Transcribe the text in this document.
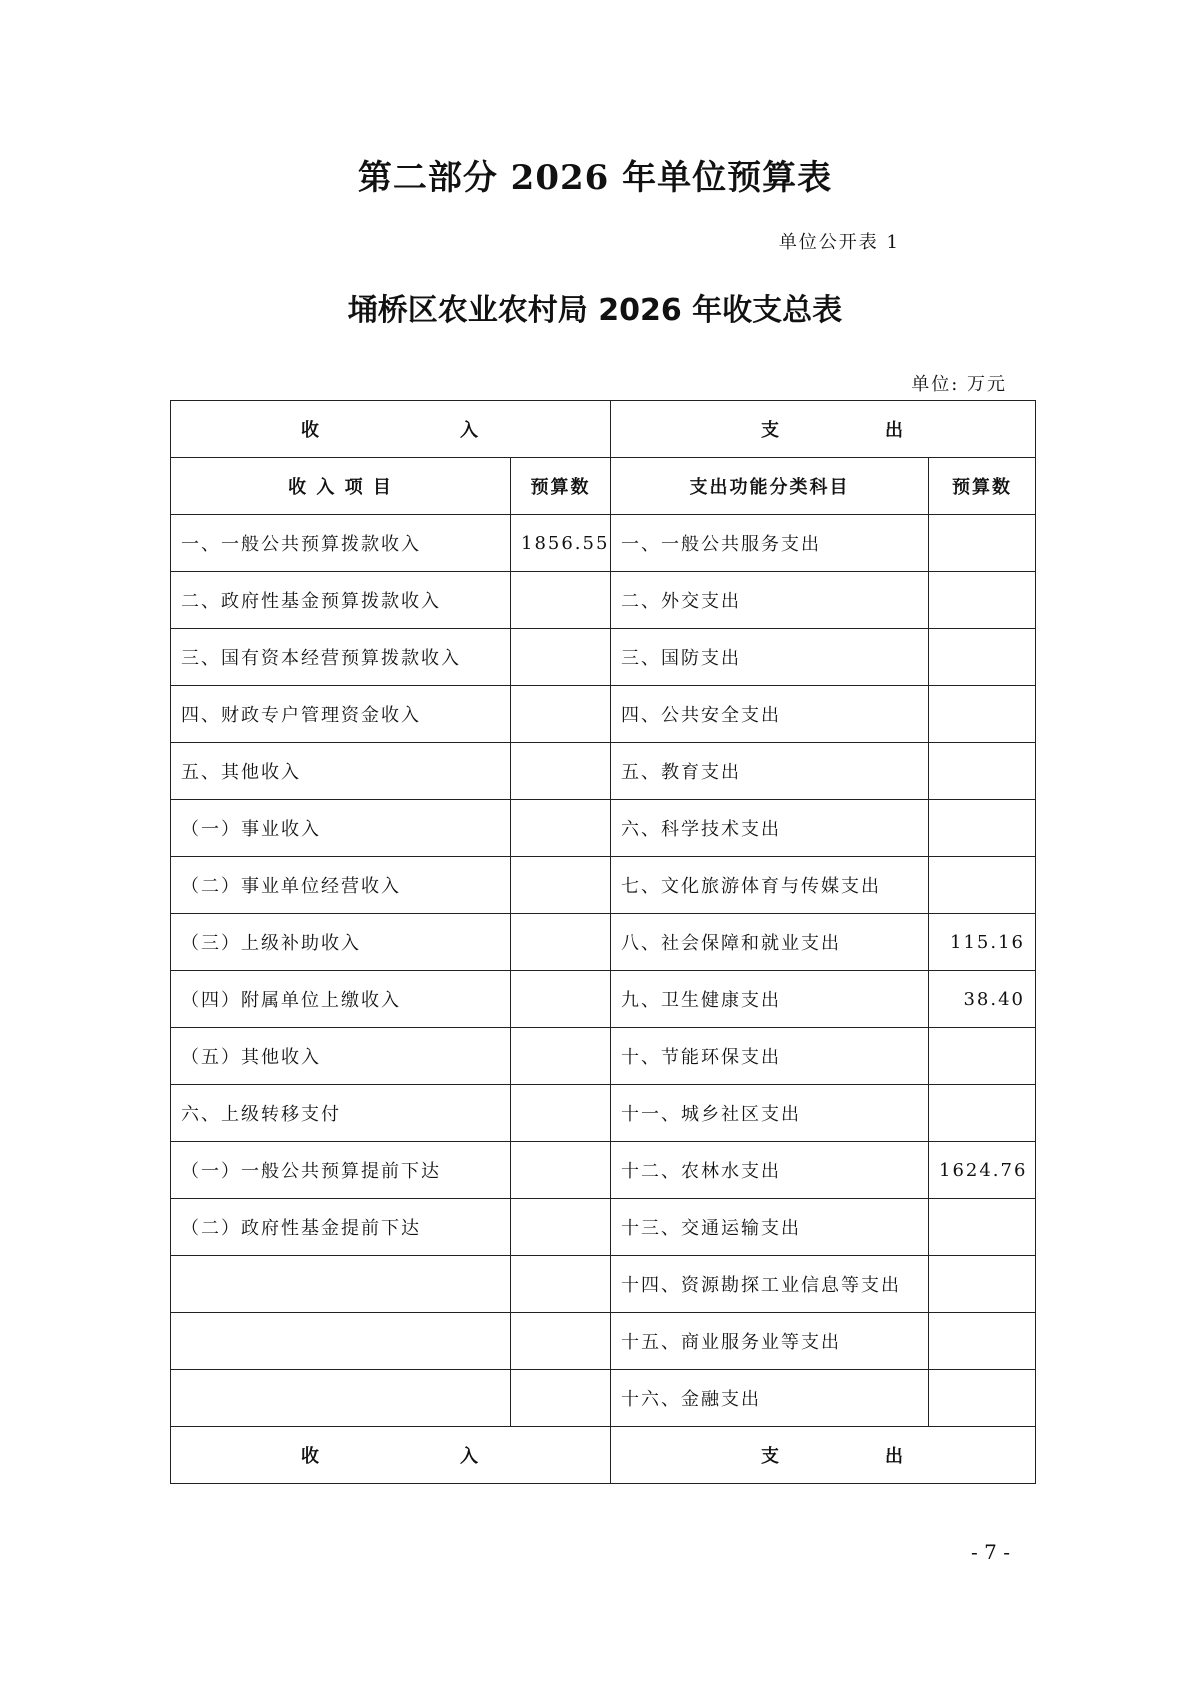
第二部分 2026 年单位预算表
单位公开表 1
埇桥区农业农村局 2026 年收支总表
单位: 万元
收 入		支 出	

收 入 项 目	预算数	支出功能分类科目	预算数
一、一般公共预算拨款收入	1856.55	一、一般公共服务支出	
二、政府性基金预算拨款收入		二、外交支出	
三、国有资本经营预算拨款收入		三、国防支出	
四、财政专户管理资金收入		四、公共安全支出	
五、其他收入		五、教育支出	
（一）事业收入		六、科学技术支出	
（二）事业单位经营收入		七、文化旅游体育与传媒支出	
（三）上级补助收入		八、社会保障和就业支出	115.16
（四）附属单位上缴收入		九、卫生健康支出	38.40
（五）其他收入		十、节能环保支出	
六、上级转移支付		十一、城乡社区支出	
（一）一般公共预算提前下达		十二、农林水支出	1624.76
（二）政府性基金提前下达		十三、交通运输支出	
		十四、资源勘探工业信息等支出	
		十五、商业服务业等支出	
		十六、金融支出	

收 入		支 出	
- 7 -
